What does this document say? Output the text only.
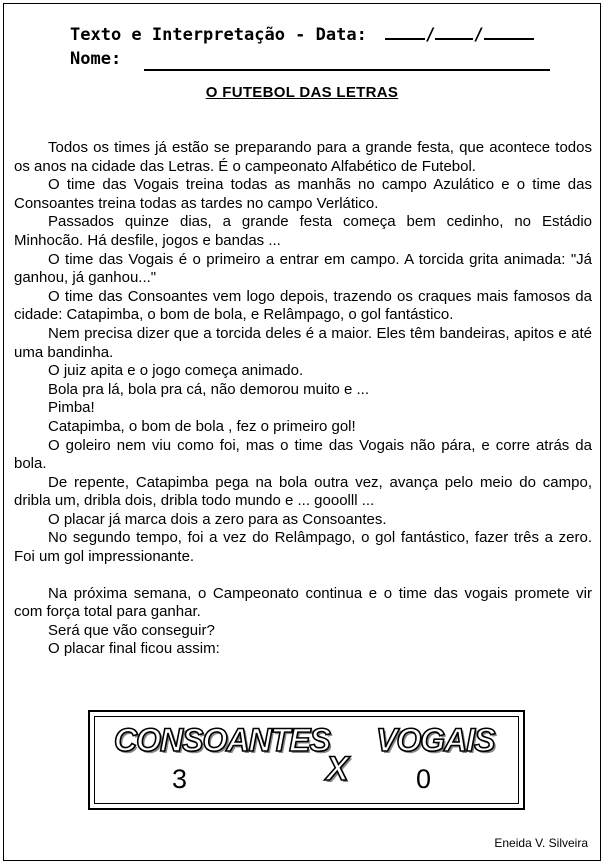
Texto e Interpretação - Data:	/ /
Nome:
O FUTEBOL DAS LETRAS

Todos os times já estão se preparando para a grande festa, que acontece todos os anos na cidade das Letras. É o campeonato Alfabético de Futebol.

O time das Vogais treina todas as manhãs no campo Azulático e o time das Consoantes treina todas as tardes no campo Verlático.

Passados quinze dias, a grande festa começa bem cedinho, no Estádio Minhocão. Há desfile, jogos e bandas ...

O time das Vogais é o primeiro a entrar em campo. A torcida grita animada: "Já ganhou, já ganhou..."

O time das Consoantes vem logo depois, trazendo os craques mais famosos da cidade: Catapimba, o bom de bola, e Relâmpago, o gol fantástico.

Nem precisa dizer que a torcida deles é a maior. Eles têm bandeiras, apitos e até uma bandinha.

O juiz apita e o jogo começa animado.

Bola pra lá, bola pra cá, não demorou muito e ...

Pimba!

Catapimba, o bom de bola , fez o primeiro gol!

O goleiro nem viu como foi, mas o time das Vogais não pára, e corre atrás da bola.

De repente, Catapimba pega na bola outra vez, avança pelo meio do campo, dribla um, dribla dois, dribla todo mundo e ... gooolll ...

O placar já marca dois a zero para as Consoantes.

No segundo tempo, foi a vez do Relâmpago, o gol fantástico, fazer três a zero. Foi um gol impressionante.

Na próxima semana, o Campeonato continua e o time das vogais promete vir com força total para ganhar.

Será que vão conseguir?

O placar final ficou assim:

CONSOANTES VOGAIS
X
3	0
Eneida V. Silveira
